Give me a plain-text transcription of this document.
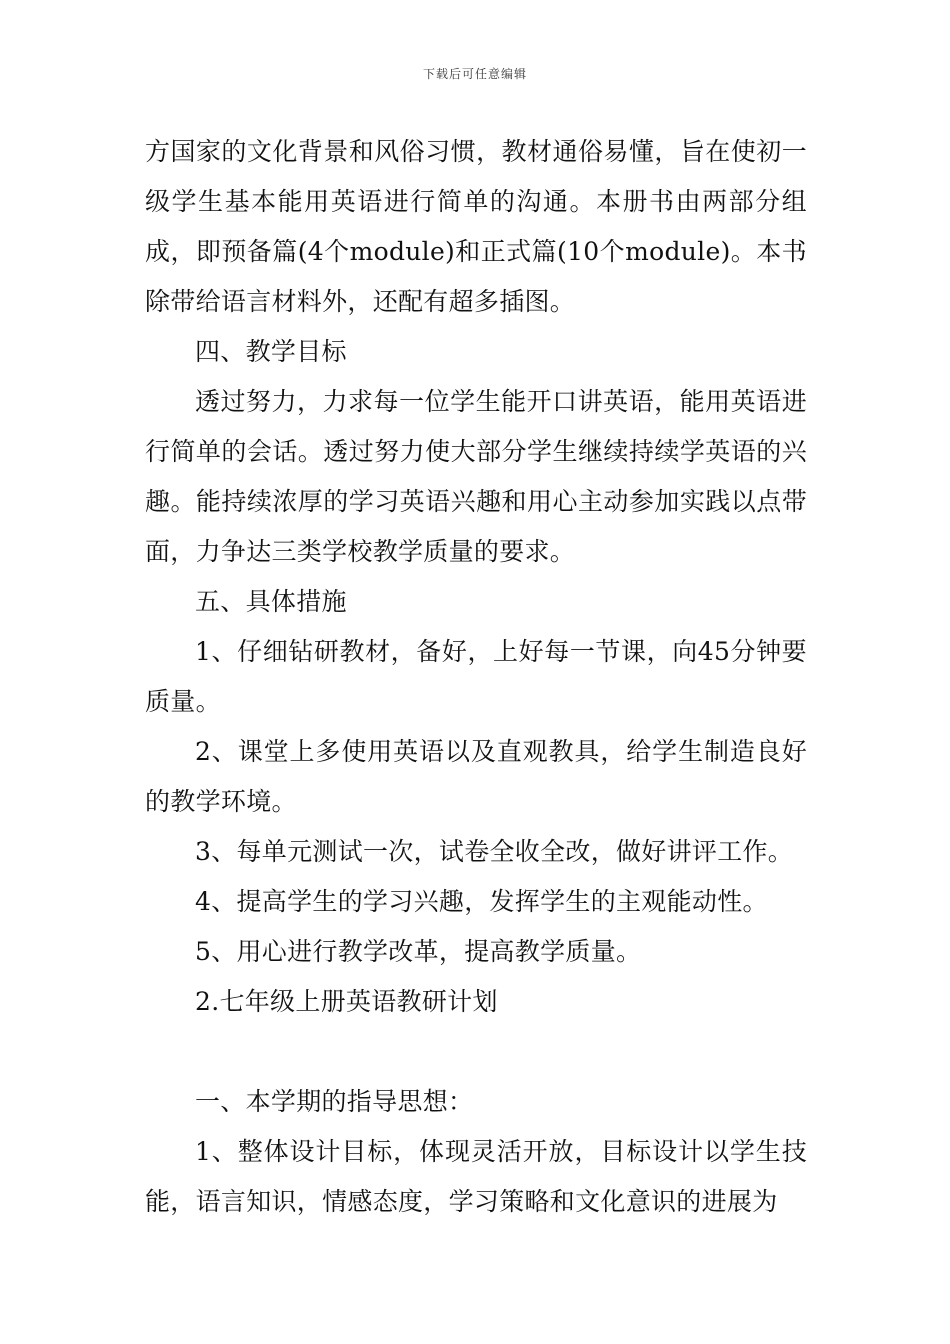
下载后可任意编辑

方国家的文化背景和风俗习惯，教材通俗易懂，旨在使初一级学生基本能用英语进行简单的沟通。本册书由两部分组成，即预备篇(4个module)和正式篇(10个module)。本书除带给语言材料外，还配有超多插图。

四、教学目标

透过努力，力求每一位学生能开口讲英语，能用英语进行简单的会话。透过努力使大部分学生继续持续学英语的兴趣。能持续浓厚的学习英语兴趣和用心主动参加实践以点带面，力争达三类学校教学质量的要求。

五、具体措施

1、仔细钻研教材，备好，上好每一节课，向45分钟要质量。

2、课堂上多使用英语以及直观教具，给学生制造良好的教学环境。

3、每单元测试一次，试卷全收全改，做好讲评工作。

4、提高学生的学习兴趣，发挥学生的主观能动性。

5、用心进行教学改革，提高教学质量。

2.七年级上册英语教研计划

一、本学期的指导思想：

1、整体设计目标，体现灵活开放，目标设计以学生技能，语言知识，情感态度，学习策略和文化意识的进展为
